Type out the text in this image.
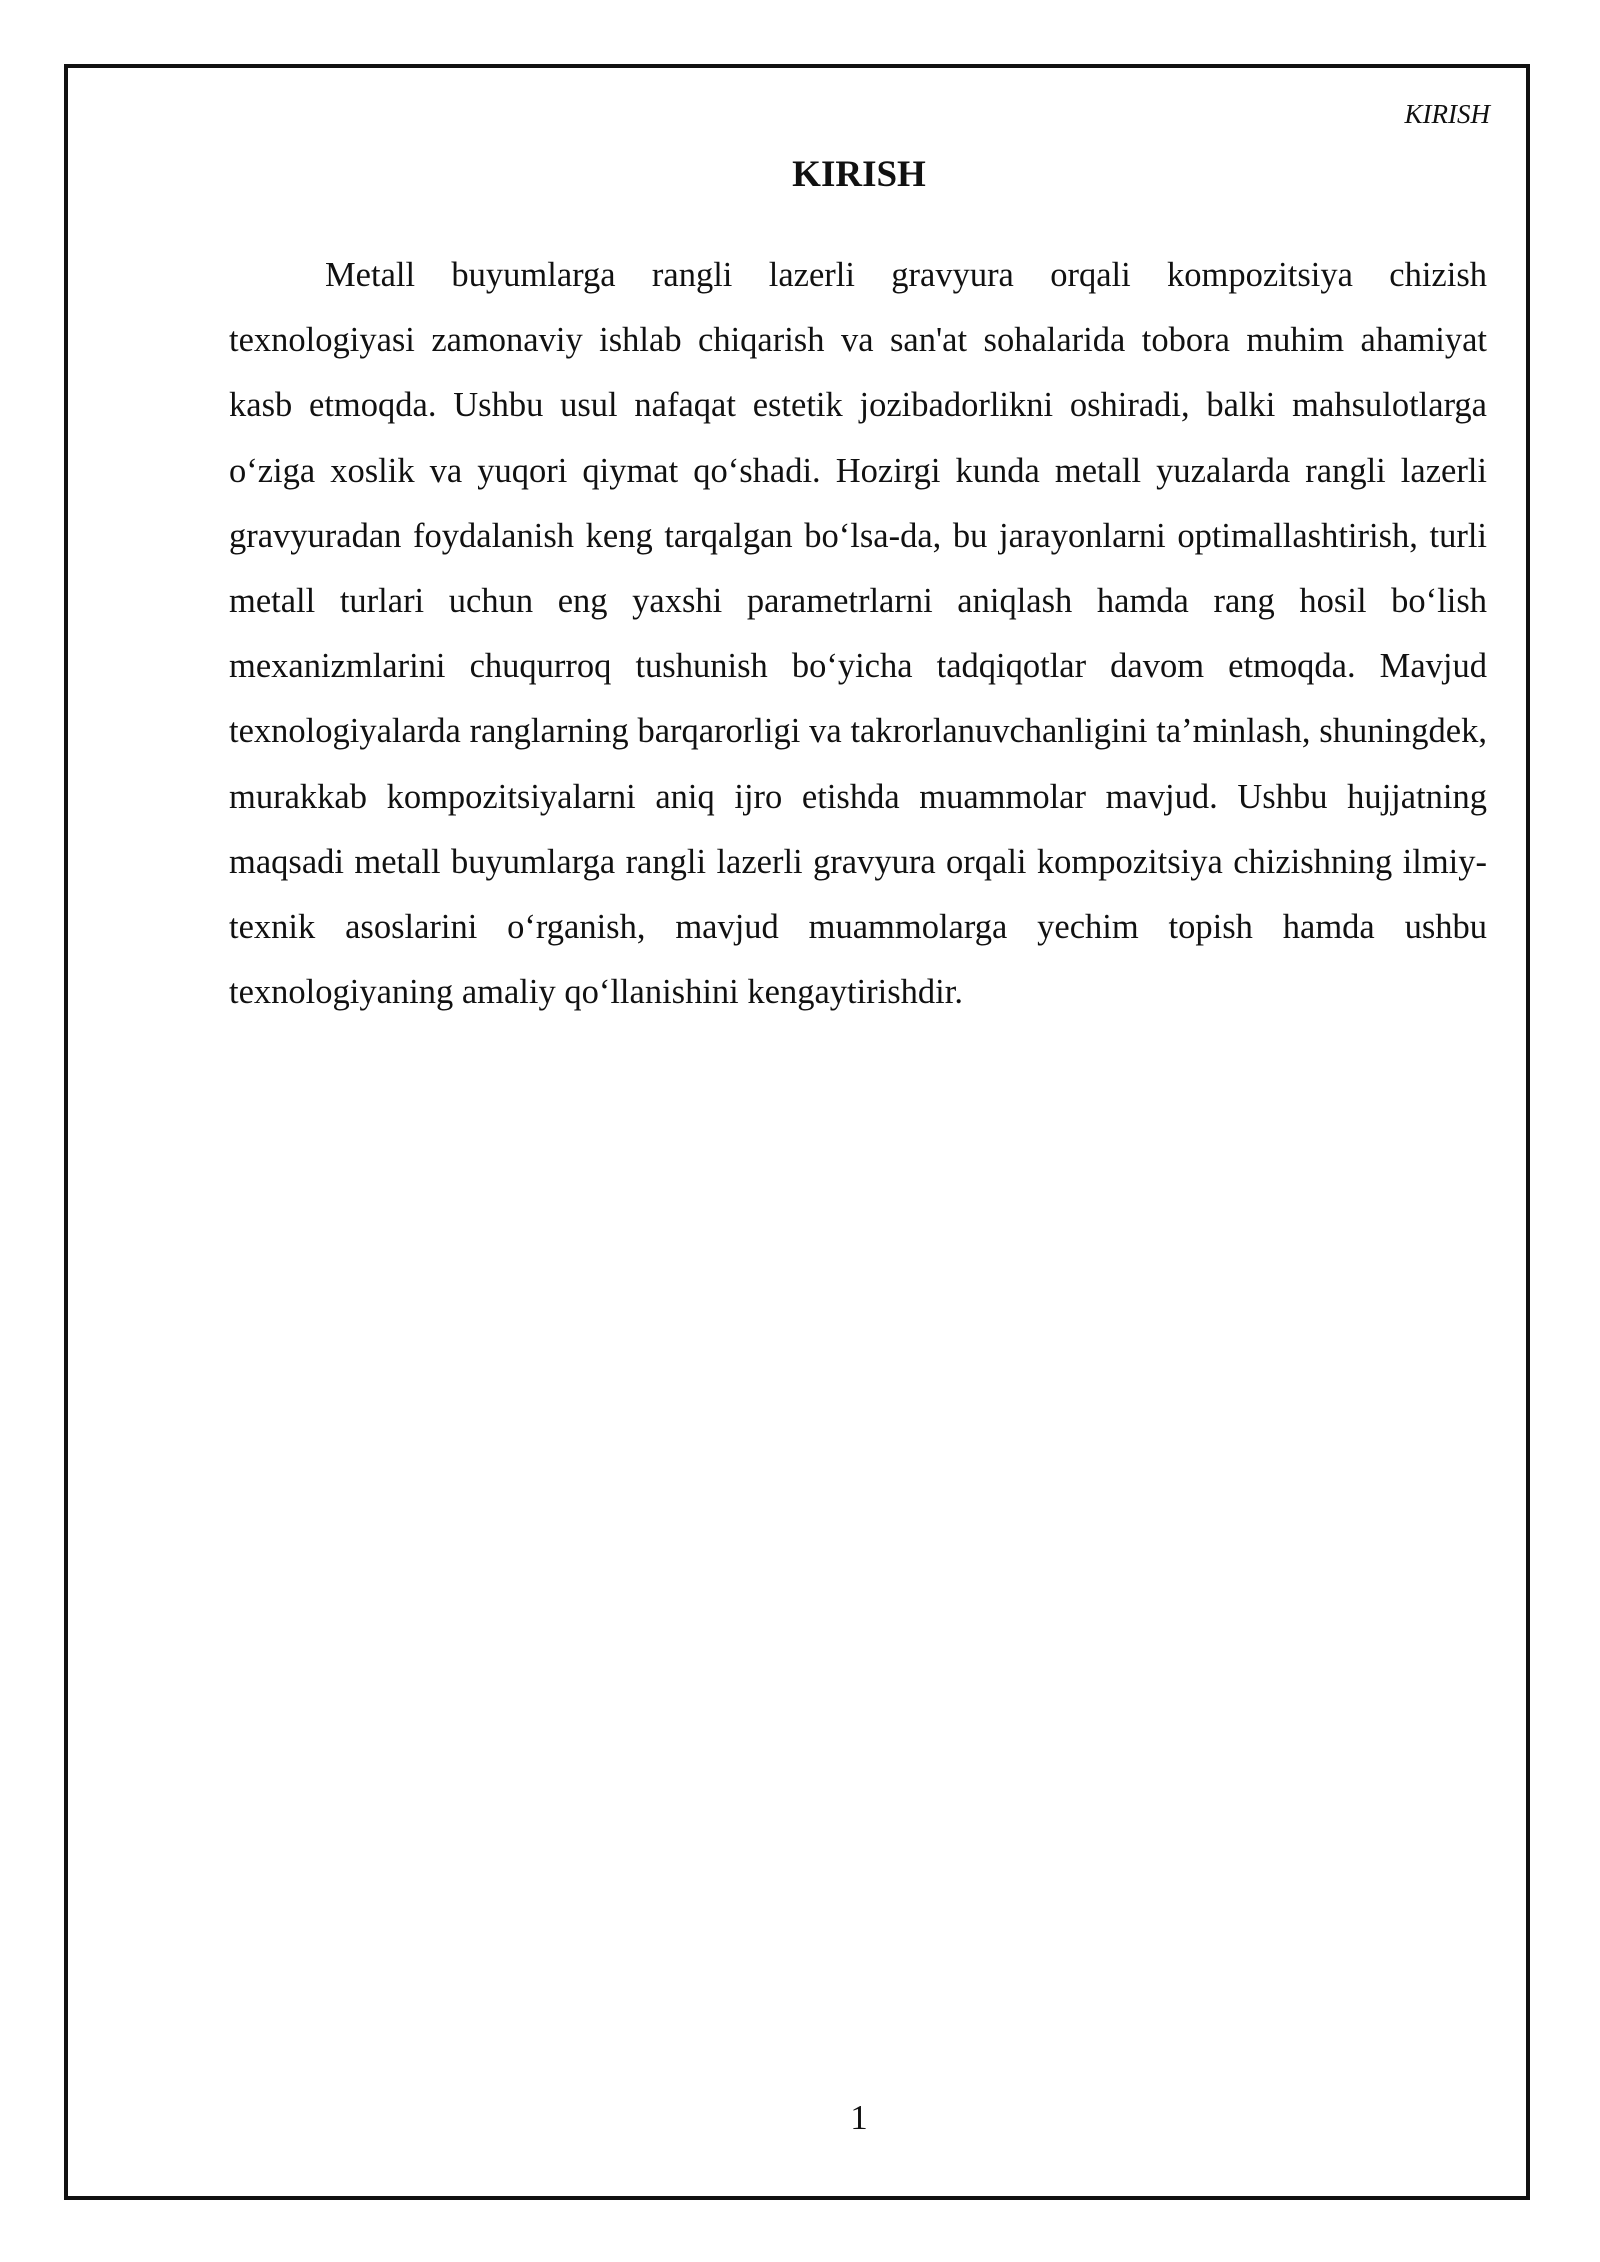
KIRISH
KIRISH

Metall buyumlarga rangli lazerli gravyura orqali kompozitsiya chizish texnologiyasi zamonaviy ishlab chiqarish va san'at sohalarida tobora muhim ahamiyat kasb etmoqda. Ushbu usul nafaqat estetik jozibadorlikni oshiradi, balki mahsulotlarga o‘ziga xoslik va yuqori qiymat qo‘shadi. Hozirgi kunda metall yuzalarda rangli lazerli gravyuradan foydalanish keng tarqalgan bo‘lsa-da, bu jarayonlarni optimallashtirish, turli metall turlari uchun eng yaxshi parametrlarni aniqlash hamda rang hosil bo‘lish mexanizmlarini chuqurroq tushunish bo‘yicha tadqiqotlar davom etmoqda. Mavjud texnologiyalarda ranglarning barqarorligi va takrorlanuvchanligini ta’minlash, shuningdek, murakkab kompozitsiyalarni aniq ijro etishda muammolar mavjud. Ushbu hujjatning maqsadi metall buyumlarga rangli lazerli gravyura orqali kompozitsiya chizishning ilmiy-texnik asoslarini o‘rganish, mavjud muammolarga yechim topish hamda ushbu texnologiyaning amaliy qo‘llanishini kengaytirishdir.

1
